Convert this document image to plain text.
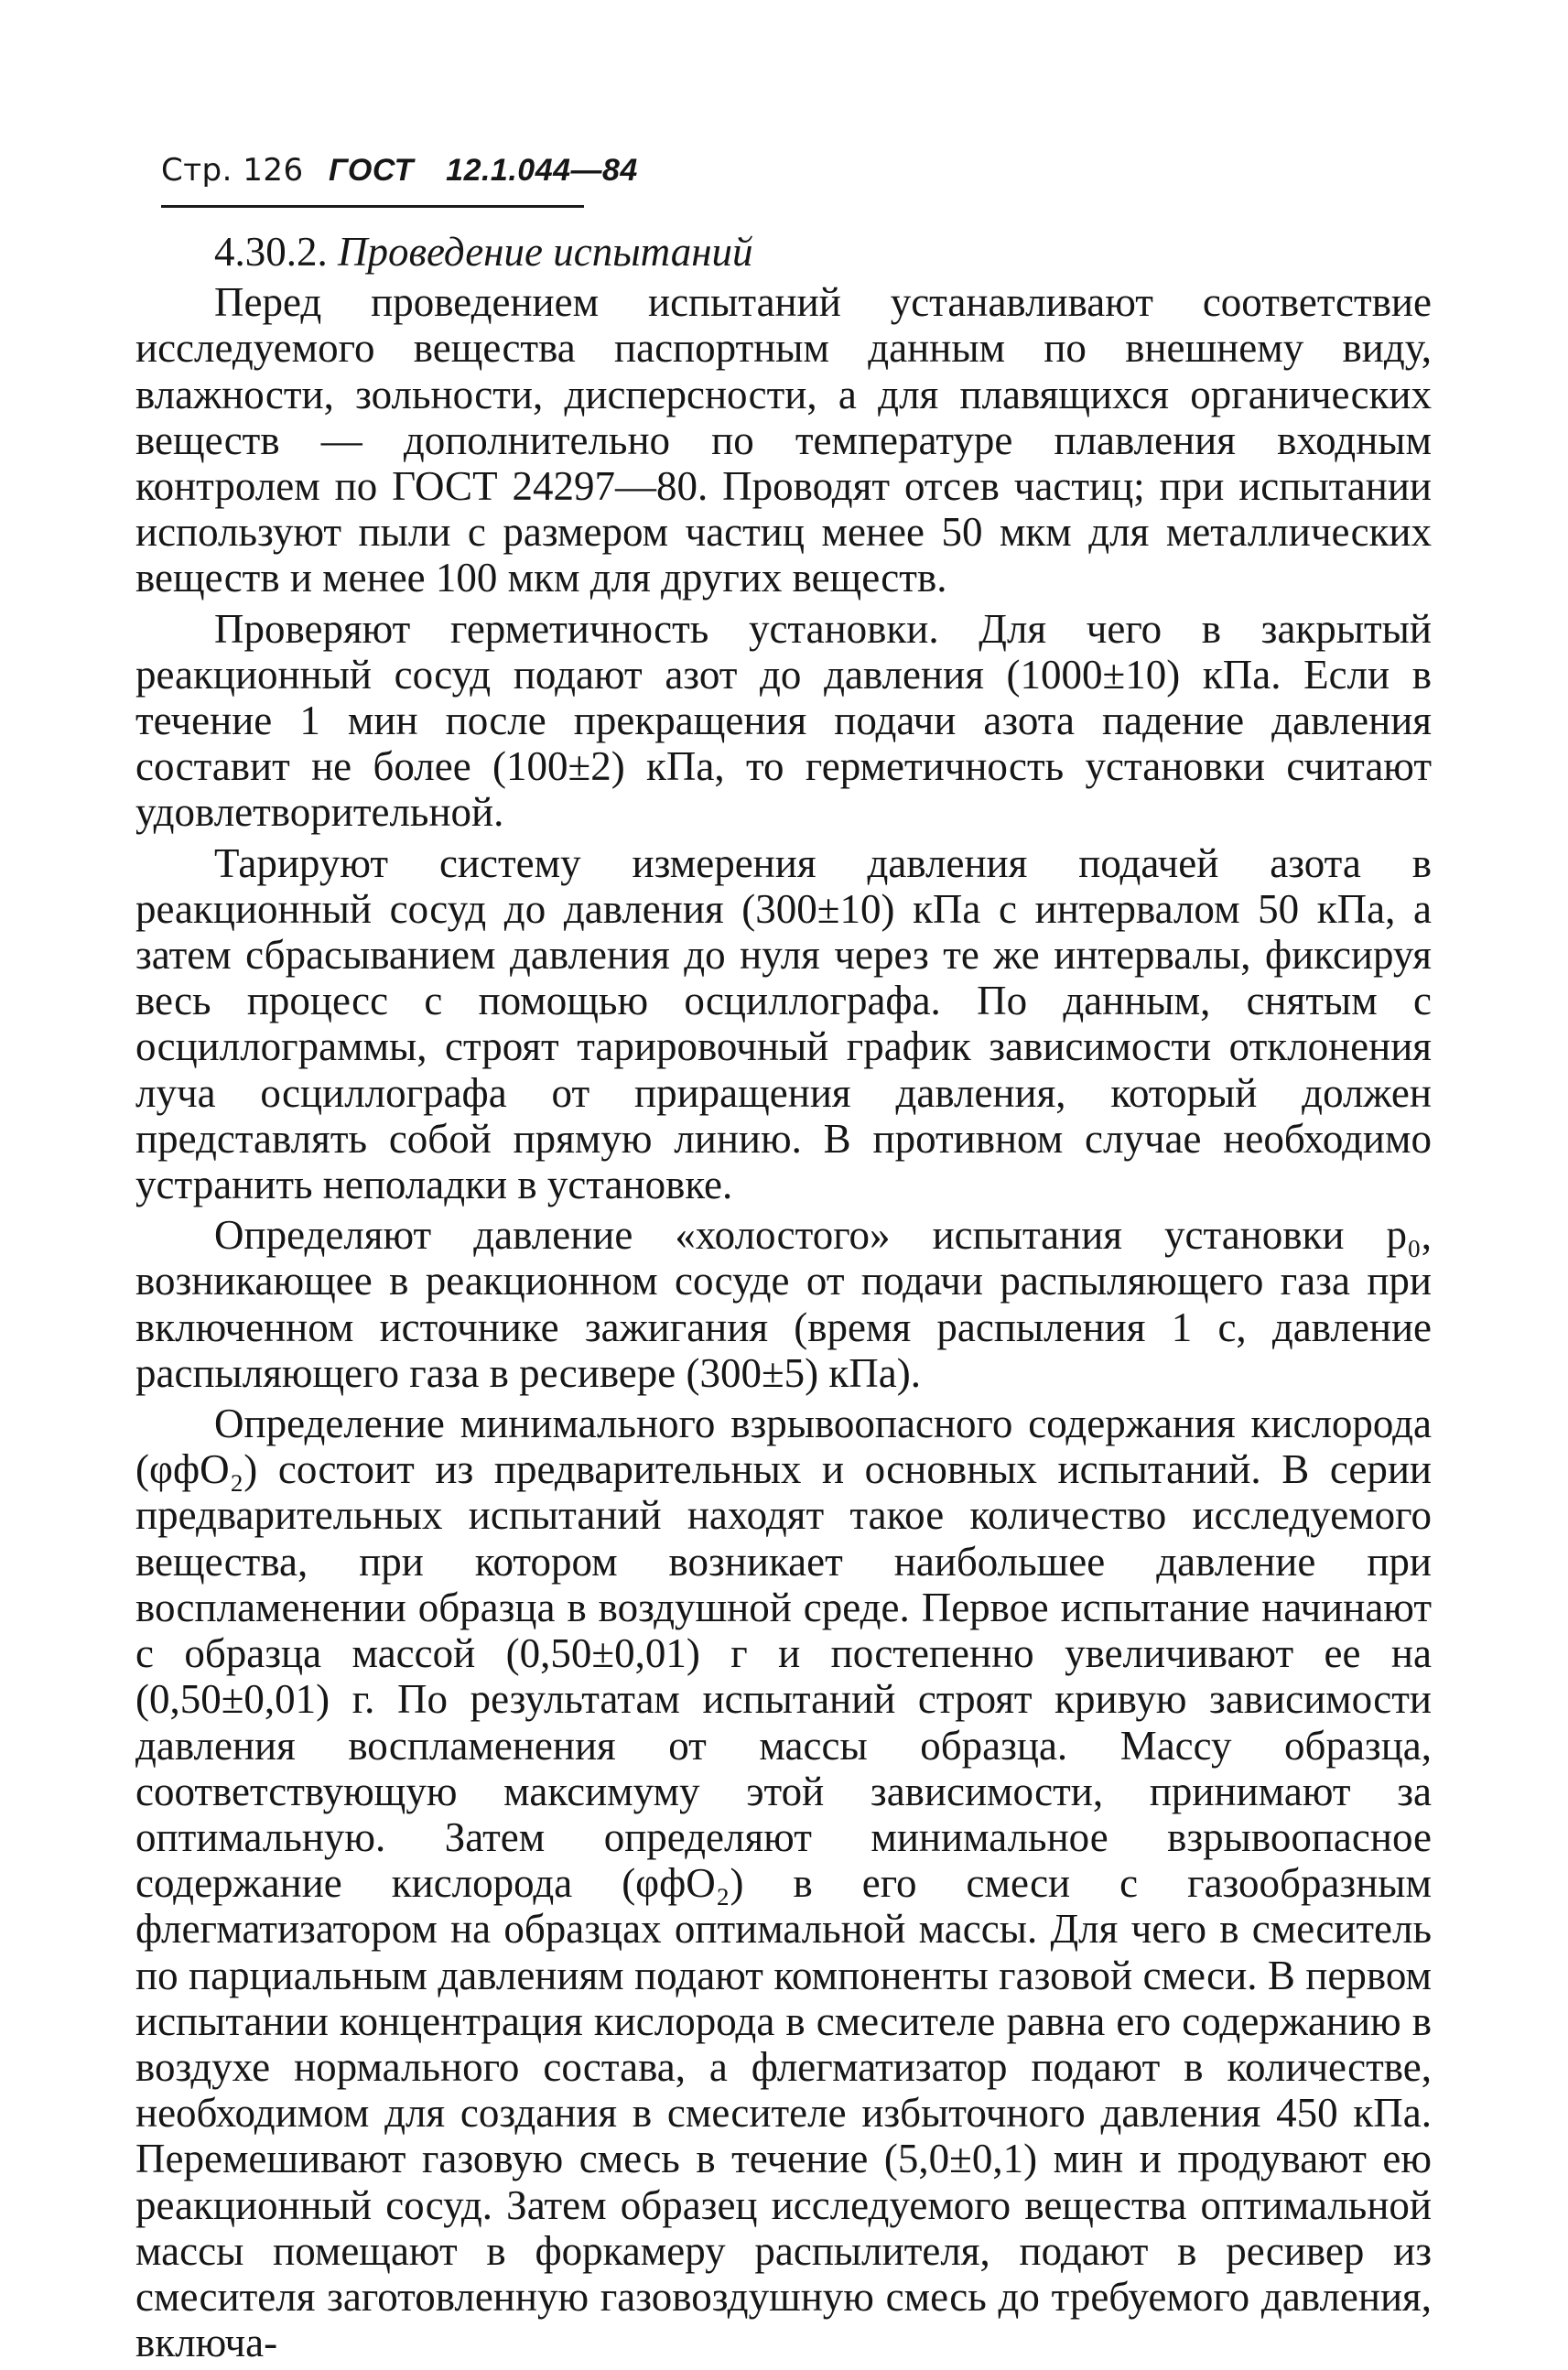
Стр. 126 ГОСТ 12.1.044—84
4.30.2. Проведение испытаний

Перед проведением испытаний устанавливают соответствие исследуемого вещества паспортным данным по внешнему виду, влажности, зольности, дисперсности, а для плавящихся органических веществ — дополнительно по температуре плавления входным контролем по ГОСТ 24297—80. Проводят отсев частиц; при испытании используют пыли с размером частиц менее 50 мкм для металлических веществ и менее 100 мкм для других веществ.

Проверяют герметичность установки. Для чего в закрытый реакционный сосуд подают азот до давления (1000±10) кПа. Если в течение 1 мин после прекращения подачи азота падение давления составит не более (100±2) кПа, то герметичность установки считают удовлетворительной.

Тарируют систему измерения давления подачей азота в реакционный сосуд до давления (300±10) кПа с интервалом 50 кПа, а затем сбрасыванием давления до нуля через те же интервалы, фиксируя весь процесс с помощью осциллографа. По данным, снятым с осциллограммы, строят тарировочный график зависимости отклонения луча осциллографа от приращения давления, который должен представлять собой прямую линию. В противном случае необходимо устранить неполадки в установке.

Определяют давление «холостого» испытания установки p₀, возникающее в реакционном сосуде от подачи распыляющего газа при включенном источнике зажигания (время распыления 1 с, давление распыляющего газа в ресивере (300±5) кПа).

Определение минимального взрывоопасного содержания кислорода (φфO₂) состоит из предварительных и основных испытаний. В серии предварительных испытаний находят такое количество исследуемого вещества, при котором возникает наибольшее давление при воспламенении образца в воздушной среде. Первое испытание начинают с образца массой (0,50±0,01) г и постепенно увеличивают ее на (0,50±0,01) г. По результатам испытаний строят кривую зависимости давления воспламенения от массы образца. Массу образца, соответствующую максимуму этой зависимости, принимают за оптимальную. Затем определяют минимальное взрывоопасное содержание кислорода (φфO₂) в его смеси с газообразным флегматизатором на образцах оптимальной массы. Для чего в смеситель по парциальным давлениям подают компоненты газовой смеси. В первом испытании концентрация кислорода в смесителе равна его содержанию в воздухе нормального состава, а флегматизатор подают в количестве, необходимом для создания в смесителе избыточного давления 450 кПа. Перемешивают газовую смесь в течение (5,0±0,1) мин и продувают ею реакционный сосуд. Затем образец исследуемого вещества оптимальной массы помещают в форкамеру распылителя, подают в ресивер из смесителя заготовленную газовоздушную смесь до требуемого давления, включа-
